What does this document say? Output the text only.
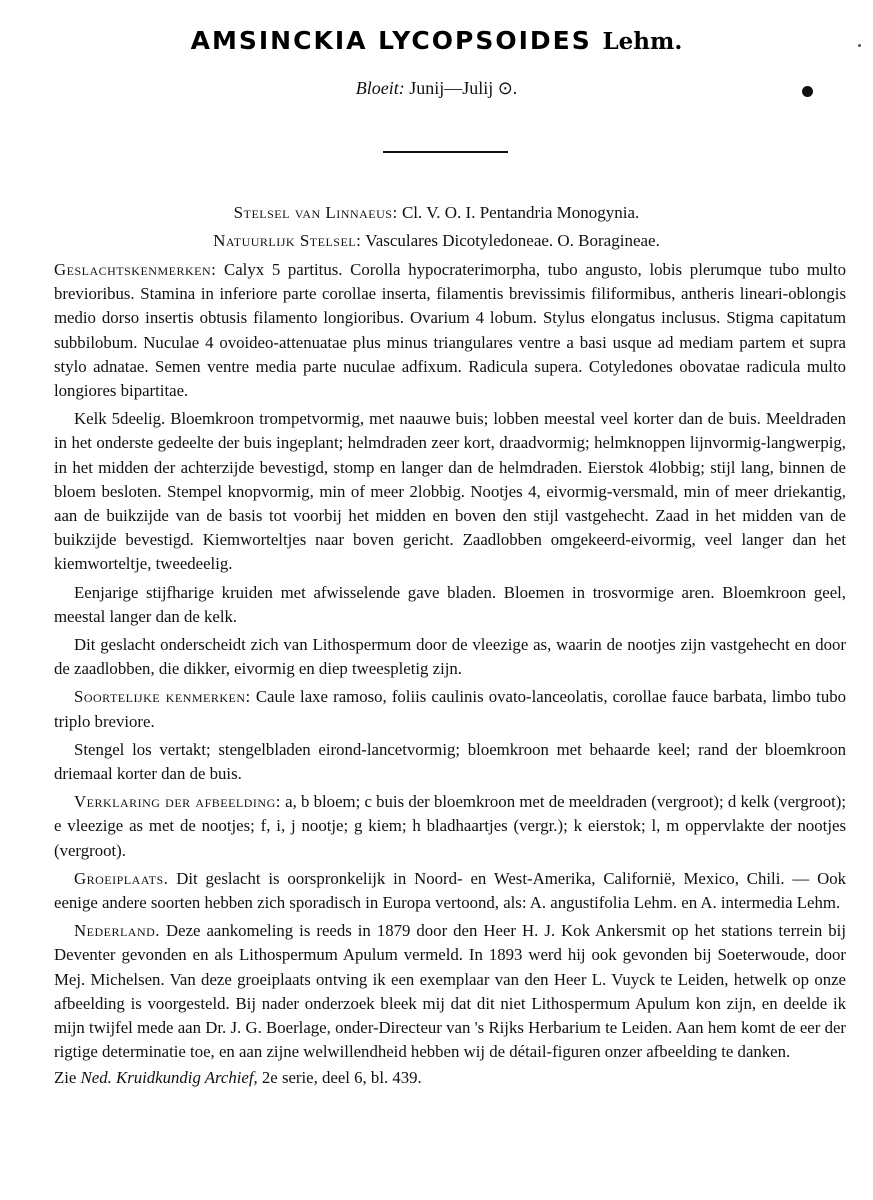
AMSINCKIA LYCOPSOIDES Lehm.
Bloeit: Junij—Julij ⊙.
Stelsel van Linnaeus: Cl. V. O. I. Pentandria Monogynia.
Natuurlijk Stelsel: Vasculares Dicotyledoneae. O. Boragineae.

Geslachtskenmerken: Calyx 5 partitus. Corolla hypocraterimorpha, tubo angusto, lobis plerumque tubo multo brevioribus. Stamina in inferiore parte corollae inserta, filamentis brevissimis filiformibus, antheris lineari-oblongis medio dorso insertis obtusis filamento longioribus. Ovarium 4 lobum. Stylus elongatus inclusus. Stigma capitatum subbilobum. Nuculae 4 ovoideo-attenuatae plus minus triangulares ventre a basi usque ad mediam partem et supra stylo adnatae. Semen ventre media parte nuculae adfixum. Radicula supera. Cotyledones obovatae radicula multo longiores bipartitae.

Kelk 5deelig. Bloemkroon trompetvormig, met naauwe buis; lobben meestal veel korter dan de buis. Meeldraden in het onderste gedeelte der buis ingeplant; helmdraden zeer kort, draadvormig; helmknoppen lijnvormig-langwerpig, in het midden der achterzijde bevestigd, stomp en langer dan de helmdraden. Eierstok 4lobbig; stijl lang, binnen de bloem besloten. Stempel knopvormig, min of meer 2lobbig. Nootjes 4, eivormig-versmald, min of meer driekantig, aan de buikzijde van de basis tot voorbij het midden en boven den stijl vastgehecht. Zaad in het midden van de buikzijde bevestigd. Kiemworteltjes naar boven gericht. Zaadlobben omgekeerd-eivormig, veel langer dan het kiemworteltje, tweedeelig.

Eenjarige stijfharige kruiden met afwisselende gave bladen. Bloemen in trosvormige aren. Bloemkroon geel, meestal langer dan de kelk.

Dit geslacht onderscheidt zich van Lithospermum door de vleezige as, waarin de nootjes zijn vastgehecht en door de zaadlobben, die dikker, eivormig en diep tweespletig zijn.

Soortelijke kenmerken: Caule laxe ramoso, foliis caulinis ovato-lanceolatis, corollae fauce barbata, limbo tubo triplo breviore.

Stengel los vertakt; stengelbladen eirond-lancetvormig; bloemkroon met behaarde keel; rand der bloemkroon driemaal korter dan de buis.

Verklaring der afbeelding: a, b bloem; c buis der bloemkroon met de meeldraden (vergroot); d kelk (vergroot); e vleezige as met de nootjes; f, i, j nootje; g kiem; h bladhaartjes (vergr.); k eierstok; l, m oppervlakte der nootjes (vergroot).

Groeiplaats. Dit geslacht is oorspronkelijk in Noord- en West-Amerika, Californië, Mexico, Chili. — Ook eenige andere soorten hebben zich sporadisch in Europa vertoond, als: A. angustifolia Lehm. en A. intermedia Lehm.

Nederland. Deze aankomeling is reeds in 1879 door den Heer H. J. Kok Ankersmit op het stations terrein bij Deventer gevonden en als Lithospermum Apulum vermeld. In 1893 werd hij ook gevonden bij Soeterwoude, door Mej. Michelsen. Van deze groeiplaats ontving ik een exemplaar van den Heer L. Vuyck te Leiden, hetwelk op onze afbeelding is voorgesteld. Bij nader onderzoek bleek mij dat dit niet Lithospermum Apulum kon zijn, en deelde ik mijn twijfel mede aan Dr. J. G. Boerlage, onder-Directeur van 's Rijks Herbarium te Leiden. Aan hem komt de eer der rigtige determinatie toe, en aan zijne welwillendheid hebben wij de détail-figuren onzer afbeelding te danken.

Zie Ned. Kruidkundig Archief, 2e serie, deel 6, bl. 439.
